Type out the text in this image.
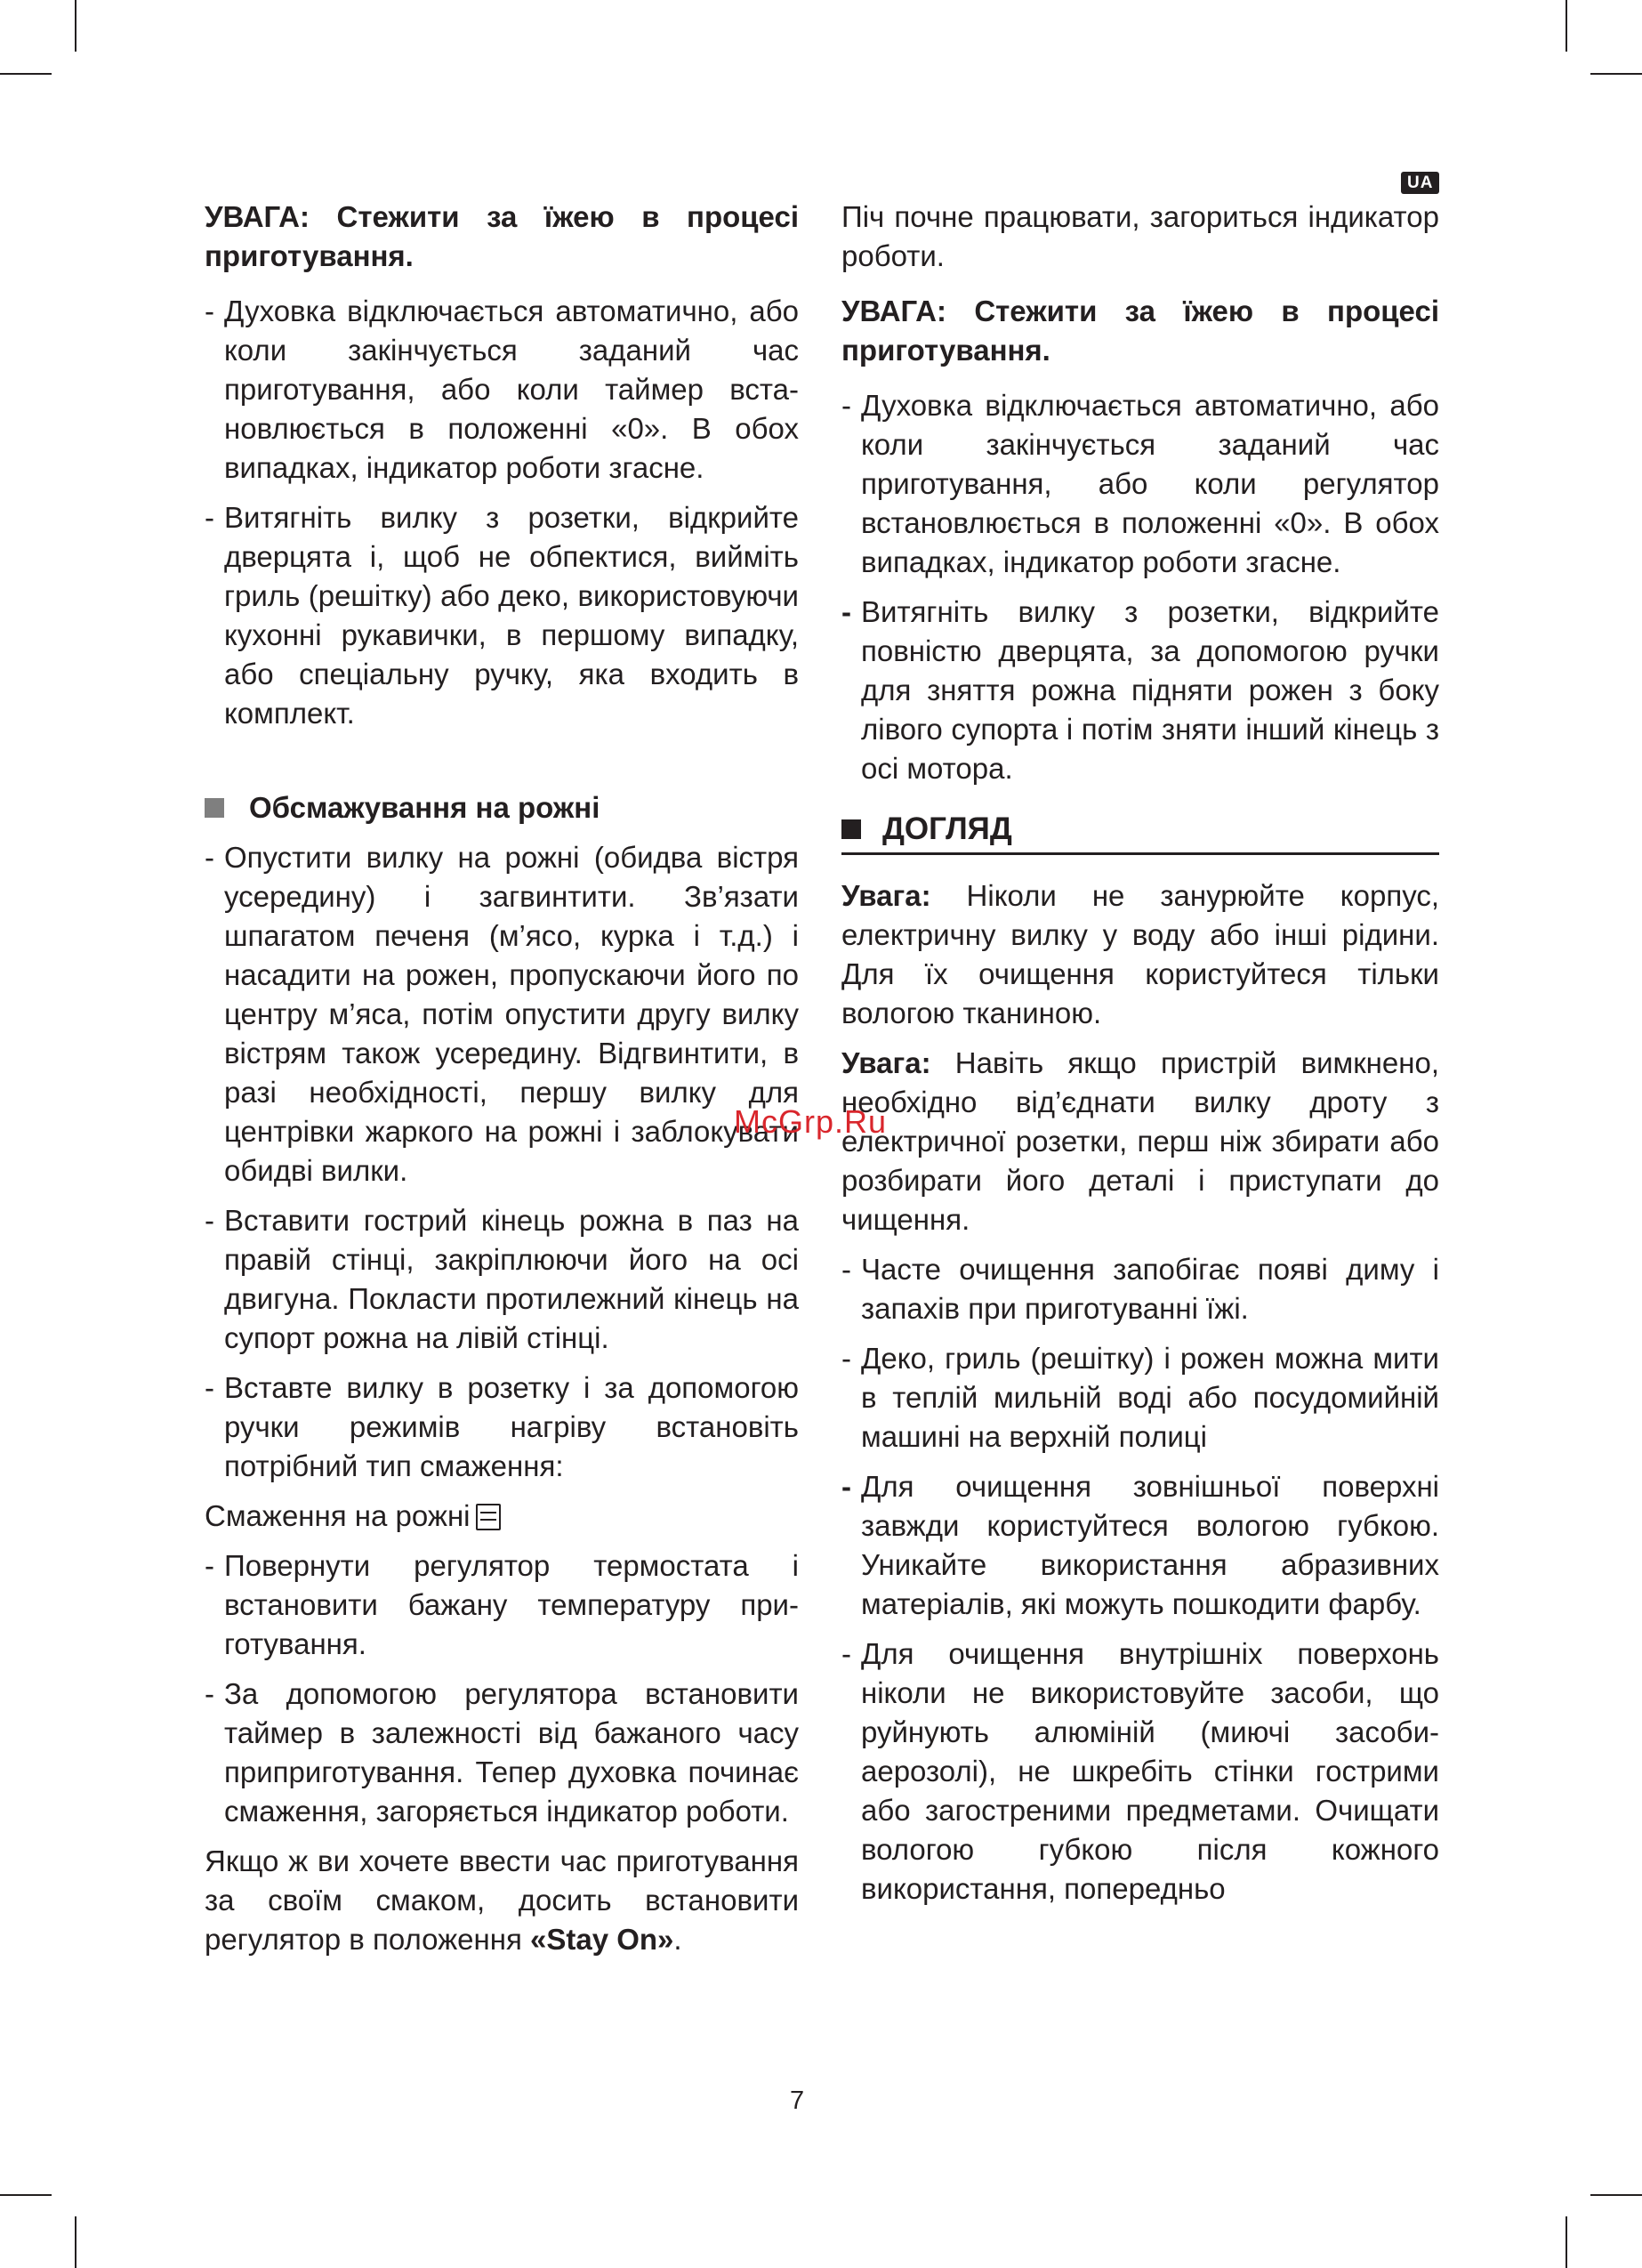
UA

УВАГА: Стежити за їжею в процесі приготування.

- Духовка відключається автоматично, або коли закінчується заданий час приготування, або коли таймер встановлюється в положенні «0». В обох випадках, індикатор роботи згасне.
- Витягніть вилку з розетки, відкрийте дверцята і, щоб не обпектися, вийміть гриль (решітку) або деко, використовуючи кухонні рукавички, в першому випадку, або спеціальну ручку, яка входить в комплект.
Обсмажування на рожні
- Опустити вилку на рожні (обидва вістря усередину) і загвинтити. Зв’язати шпагатом печеня (м’ясо, курка і т.д.) і насадити на рожен, пропускаючи його по центру м’яса, потім опустити другу вилку вістрям також усередину. Відгвинтити, в разі необхідності, першу вилку для центрівки жаркого на рожні і заблокувати обидві вилки.
- Вставити гострий кінець рожна в паз на правій стінці, закріплюючи його на осі двигуна. Покласти протилежний кінець на супорт рожна на лівій стінці.
- Вставте вилку в розетку і за допомогою ручки режимів нагріву встановіть потрібний тип смаження:

Смаження на рожні

- Повернути регулятор термостата і встановити бажану температуру приготування.
- За допомогою регулятора встановити таймер в залежності від бажаного часу приприготування. Тепер духовка починає смаження, загоряється індикатор роботи.

Якщо ж ви хочете ввести час приготування за своїм смаком, досить встановити регулятор в положення «Stay On».

Піч почне працювати, загориться індикатор роботи.

УВАГА: Стежити за їжею в процесі приготування.

- Духовка відключається автоматично, або коли закінчується заданий час приготування, або коли регулятор встановлюється в положенні «0». В обох випадках, індикатор роботи згасне.
- Витягніть вилку з розетки, відкрийте повністю дверцята, за допомогою ручки для зняття рожна підняти рожен з боку лівого супорта і потім зняти інший кінець з осі мотора.
ДОГЛЯД

Увага: Ніколи не занурюйте корпус, електричну вилку у воду або інші рідини. Для їх очищення користуйтеся тільки вологою тканиною.

Увага: Навіть якщо пристрій вимкнено, необхідно від’єднати вилку дроту з електричної розетки, перш ніж збирати або розбирати його деталі і приступати до чищення.

- Часте очищення запобігає появі диму і запахів при приготуванні їжі.
- Деко, гриль (решітку) і рожен можна мити в теплій мильній воді або посудомийній машині на верхній полиці
- Для очищення зовнішньої поверхні завжди користуйтеся вологою губкою. Уникайте використання абразивних матеріалів, які можуть пошкодити фарбу.
- Для очищення внутрішніх поверхонь ніколи не використовуйте засоби, що руйнують алюміній (миючі засоби-аерозолі), не шкребіть стінки гострими або загостреними предметами. Очищати вологою губкою після кожного використання, попередньо
McGrp.Ru
7
